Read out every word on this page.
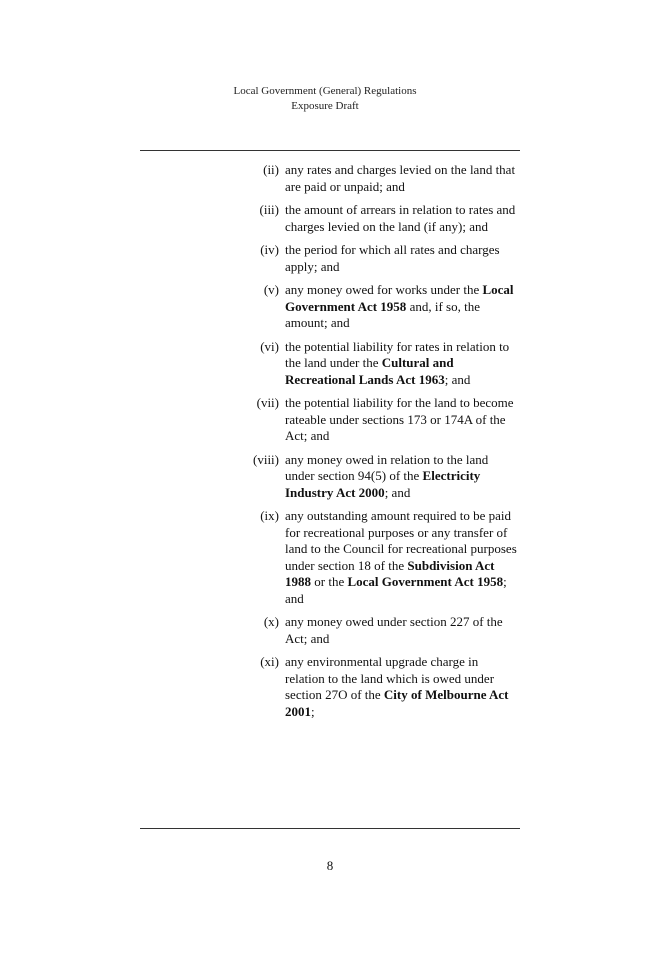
Local Government (General) Regulations
Exposure Draft
(ii) any rates and charges levied on the land that are paid or unpaid; and
(iii) the amount of arrears in relation to rates and charges levied on the land (if any); and
(iv) the period for which all rates and charges apply; and
(v) any money owed for works under the Local Government Act 1958 and, if so, the amount; and
(vi) the potential liability for rates in relation to the land under the Cultural and Recreational Lands Act 1963; and
(vii) the potential liability for the land to become rateable under sections 173 or 174A of the Act; and
(viii) any money owed in relation to the land under section 94(5) of the Electricity Industry Act 2000; and
(ix) any outstanding amount required to be paid for recreational purposes or any transfer of land to the Council for recreational purposes under section 18 of the Subdivision Act 1988 or the Local Government Act 1958; and
(x) any money owed under section 227 of the Act; and
(xi) any environmental upgrade charge in relation to the land which is owed under section 27O of the City of Melbourne Act 2001;
8
